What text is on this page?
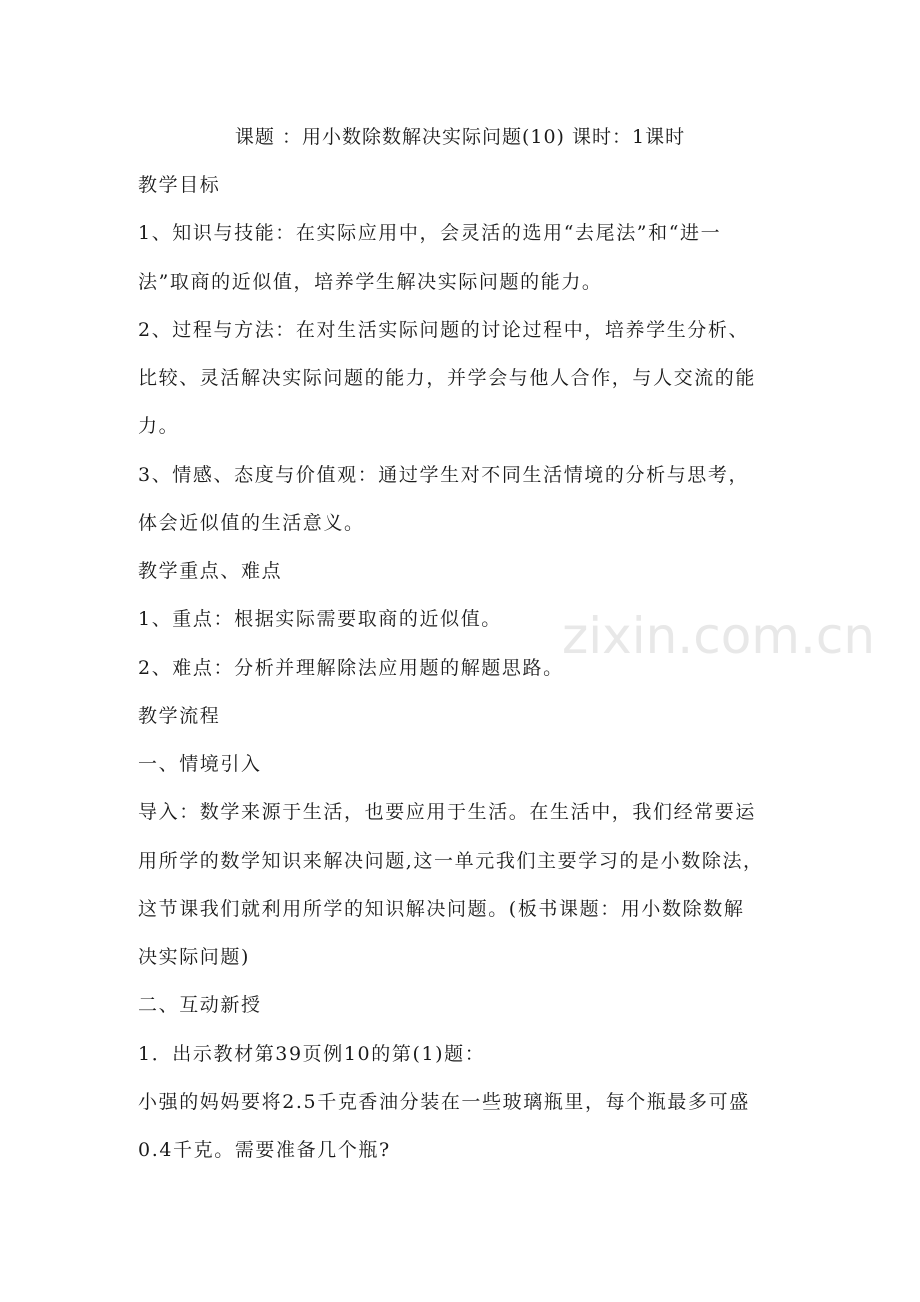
zixin.com.cn

课题 ：用小数除数解决实际问题(10) 课时：1课时

教学目标

1、知识与技能：在实际应用中，会灵活的选用“去尾法”和“进一

法”取商的近似值，培养学生解决实际问题的能力。

2、过程与方法：在对生活实际问题的讨论过程中，培养学生分析、

比较、灵活解决实际问题的能力，并学会与他人合作，与人交流的能

力。

3、情感、态度与价值观：通过学生对不同生活情境的分析与思考，

体会近似值的生活意义。

教学重点、难点

1、重点：根据实际需要取商的近似值。

2、难点：分析并理解除法应用题的解题思路。

教学流程

一、情境引入

导入：数学来源于生活，也要应用于生活。在生活中，我们经常要运

用所学的数学知识来解决问题,这一单元我们主要学习的是小数除法，

这节课我们就利用所学的知识解决问题。(板书课题：用小数除数解

决实际问题)

二、互动新授

1．出示教材第39页例10的第(1)题：

小强的妈妈要将2.5千克香油分装在一些玻璃瓶里，每个瓶最多可盛

0.4千克。需要准备几个瓶?
